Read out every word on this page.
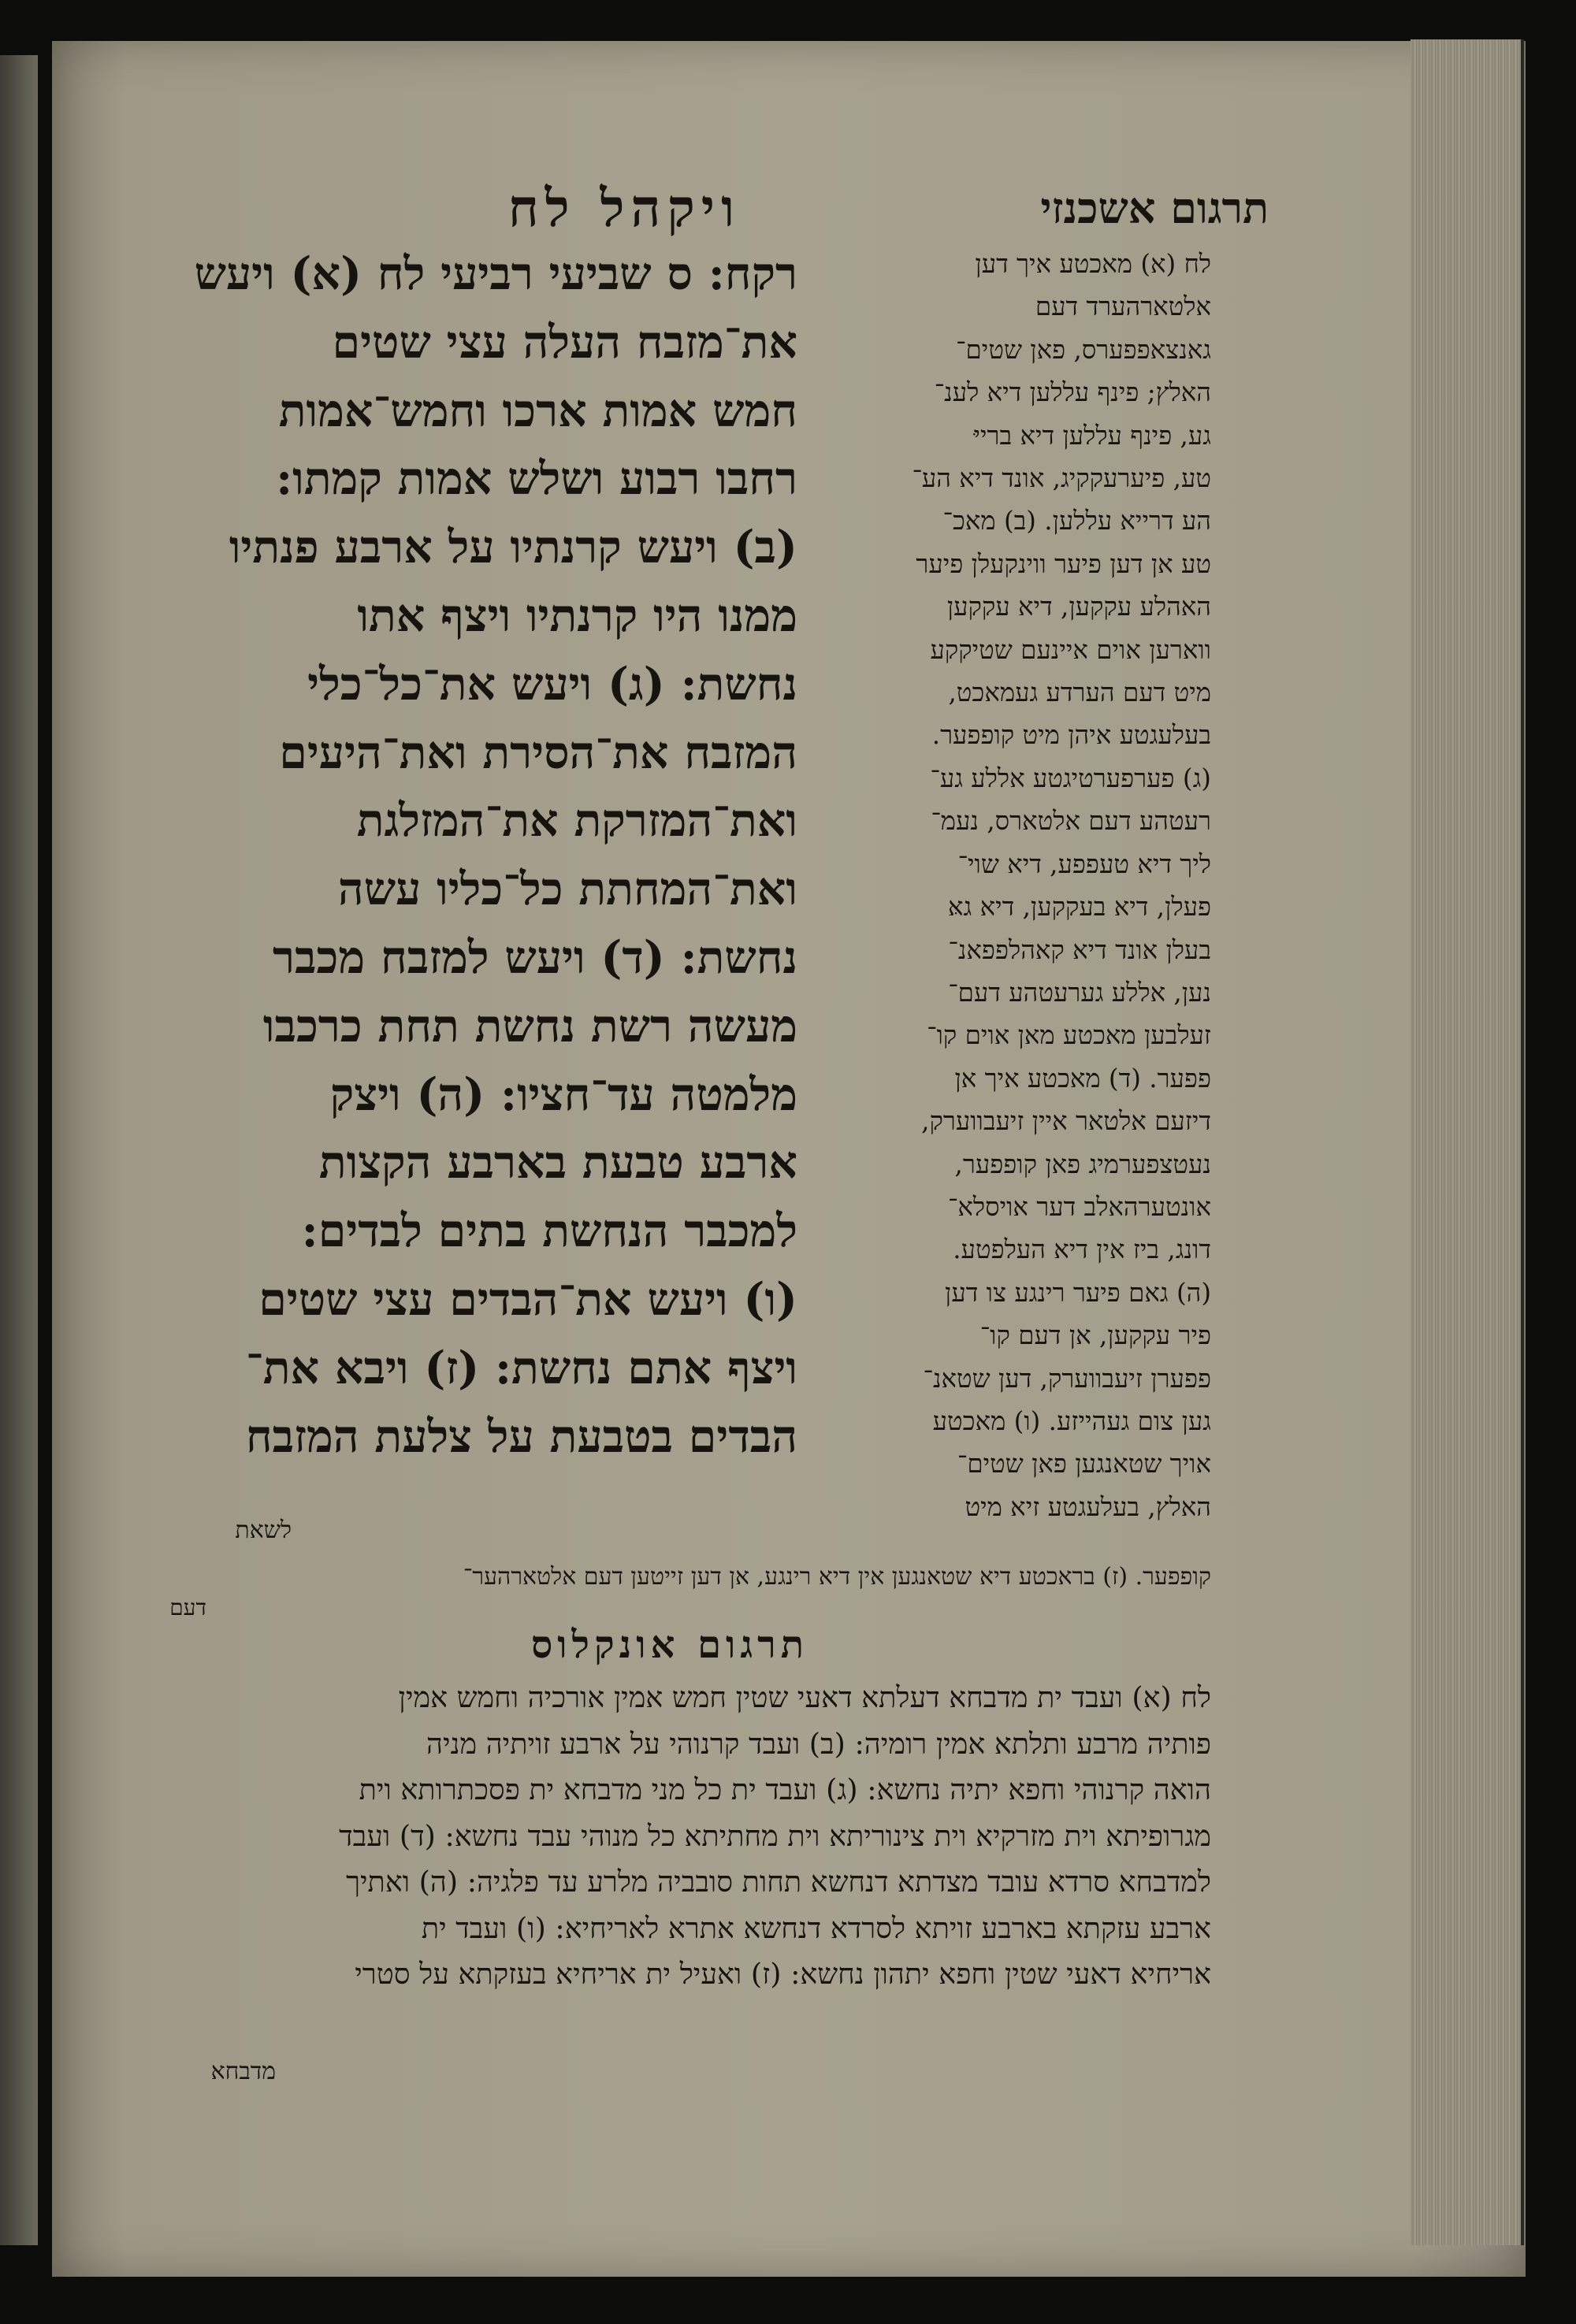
תרגום אשכנזי
ויקהל לח

לח (א) מאכטע איך דען

אלטארהערד דעם

גאנצאפפערס, פאן שטים־

האלץ; פינף עללען דיא לענ־

גע, פינף עללען דיא ברייּ

טע, פיערעקקיג, אונד דיא הע־

הע דרייא עללען. (ב) מאכ־

טע אן דען פיער ווינקעלן פיער

האהלע עקקען, דיא עקקען

ווארען אוים איינעם שטיקקע

מיט דעם הערדע געמאכט,

בעלעגטע איהן מיט קופפער.

(ג) פערפערטיגטע אללע גע־

רעטהע דעם אלטארס, נעמ־

ליך דיא טעפפע, דיא שוי־

פעלן, דיא בעקקען, דיא גאּ

בעלן אונד דיא קאהלפפאנ־

נען, אללע גערעטהע דעם־

זעלבען מאכטע מאן אוים קו־

פפער. (ד) מאכטע איך אן

דיזעם אלטאר איין זיעבווערק,

נעטצפערמיג פאן קופפער,

אונטערהאלב דער אויסלא־

דונג, ביז אין דיא העלפטע.

(ה) גאם פיער רינגע צו דען

פיר עקקען, אן דעם קו־

פפערן זיעבווערק, דען שטאנ־

גען צום געהייזע. (ו) מאכטע

אויך שטאנגען פאן שטים־

האלץ, בעלעגטע זיא מיט

רקח: ס שביעי רביעי לח (א) ויעש

את־מזבח העלה עצי שטים

חמש אמות ארכו וחמש־אמות

רחבו רבוע ושלש אמות קמתו:

(ב) ויעש קרנתיו על ארבע פנתיו

ממנו היו קרנתיו ויצף אתו

נחשת: (ג) ויעש את־כל־כלי

המזבח את־הסירת ואת־היעים

ואת־המזרקת את־המזלגת

ואת־המחתת כל־כליו עשה

נחשת: (ד) ויעש למזבח מכבר

מעשה רשת נחשת תחת כרכבו

מלמטה עד־חציו: (ה) ויצק

ארבע טבעת בארבע הקצות

למכבר הנחשת בתים לבדים:

(ו) ויעש את־הבדים עצי שטים

ויצף אתם נחשת: (ז) ויבא את־

הבדים בטבעת על צלעת המזבח

לשאת
קופפער. (ז) בראכטע דיא שטאנגען אין דיא רינגע, אן דען זייטען דעם אלטארהער־
דעם
תרגום אונקלוס

לח (א) ועבד ית מדבחא דעלתא דאעי שטין חמש אמין אורכיה וחמש אמין

פותיה מרבע ותלתא אמין רומיה: (ב) ועבד קרנוהי על ארבע זויתיה מניה

הואה קרנוהי וחפא יתיה נחשא: (ג) ועבד ית כל מני מדבחא ית פסכתרותא וית

מגרופיתא וית מזרקיא וית צינוריתא וית מחתיתא כל מנוהי עבד נחשא: (ד) ועבד

למדבחא סרדא עובד מצדתא דנחשא תחות סובביה מלרע עד פלגיה: (ה) ואתיך

ארבע עזקתא בארבע זויתא לסרדא דנחשא אתרא לאריחיא: (ו) ועבד ית

אריחיא דאעי שטין וחפא יתהון נחשא: (ז) ואעיל ית אריחיא בעזקתא על סטרי

מדבחא
